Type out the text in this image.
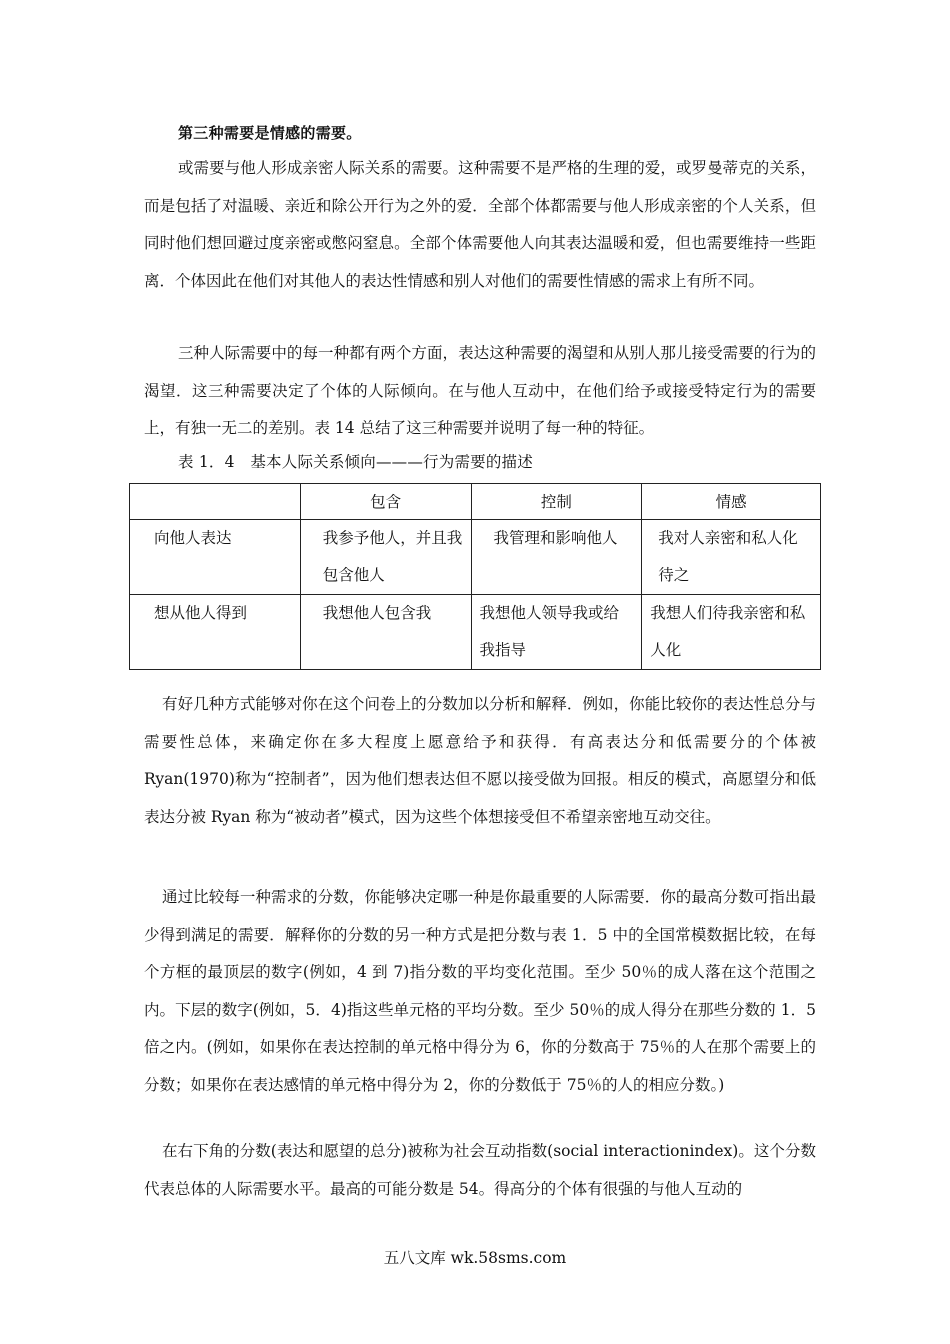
第三种需要是情感的需要。

或需要与他人形成亲密人际关系的需要。这种需要不是严格的生理的爱，或罗曼蒂克的关系，而是包括了对温暖、亲近和除公开行为之外的爱．全部个体都需要与他人形成亲密的个人关系，但同时他们想回避过度亲密或憋闷窒息。全部个体需要他人向其表达温暖和爱，但也需要维持一些距离．个体因此在他们对其他人的表达性情感和别人对他们的需要性情感的需求上有所不同。

三种人际需要中的每一种都有两个方面，表达这种需要的渴望和从别人那儿接受需要的行为的渴望．这三种需要决定了个体的人际倾向。在与他人互动中，在他们给予或接受特定行为的需要上，有独一无二的差别。表 14 总结了这三种需要并说明了每一种的特征。

表 1．4　基本人际关系倾向———行为需要的描述
	包含	控制	情感
向他人表达	我参予他人，并且我包含他人	我管理和影响他人	我对人亲密和私人化待之
想从他人得到	我想他人包含我	我想他人领导我或给我指导	我想人们待我亲密和私人化

有好几种方式能够对你在这个问卷上的分数加以分析和解释．例如，你能比较你的表达性总分与需要性总体，来确定你在多大程度上愿意给予和获得．有高表达分和低需要分的个体被 Ryan(1970)称为“控制者”，因为他们想表达但不愿以接受做为回报。相反的模式，高愿望分和低表达分被 Ryan 称为“被动者”模式，因为这些个体想接受但不希望亲密地互动交往。

通过比较每一种需求的分数，你能够决定哪一种是你最重要的人际需要．你的最高分数可指出最少得到满足的需要．解释你的分数的另一种方式是把分数与表 1．5 中的全国常模数据比较，在每个方框的最顶层的数字(例如，4 到 7)指分数的平均变化范围。至少 50％的成人落在这个范围之内。下层的数字(例如，5．4)指这些单元格的平均分数。至少 50％的成人得分在那些分数的 1．5 倍之内。(例如，如果你在表达控制的单元格中得分为 6，你的分数高于 75％的人在那个需要上的分数；如果你在表达感情的单元格中得分为 2，你的分数低于 75％的人的相应分数。)

在右下角的分数(表达和愿望的总分)被称为社会互动指数(social interactionindex)。这个分数代表总体的人际需要水平。最高的可能分数是 54。得高分的个体有很强的与他人互动的

五八文库 wk.58sms.com
